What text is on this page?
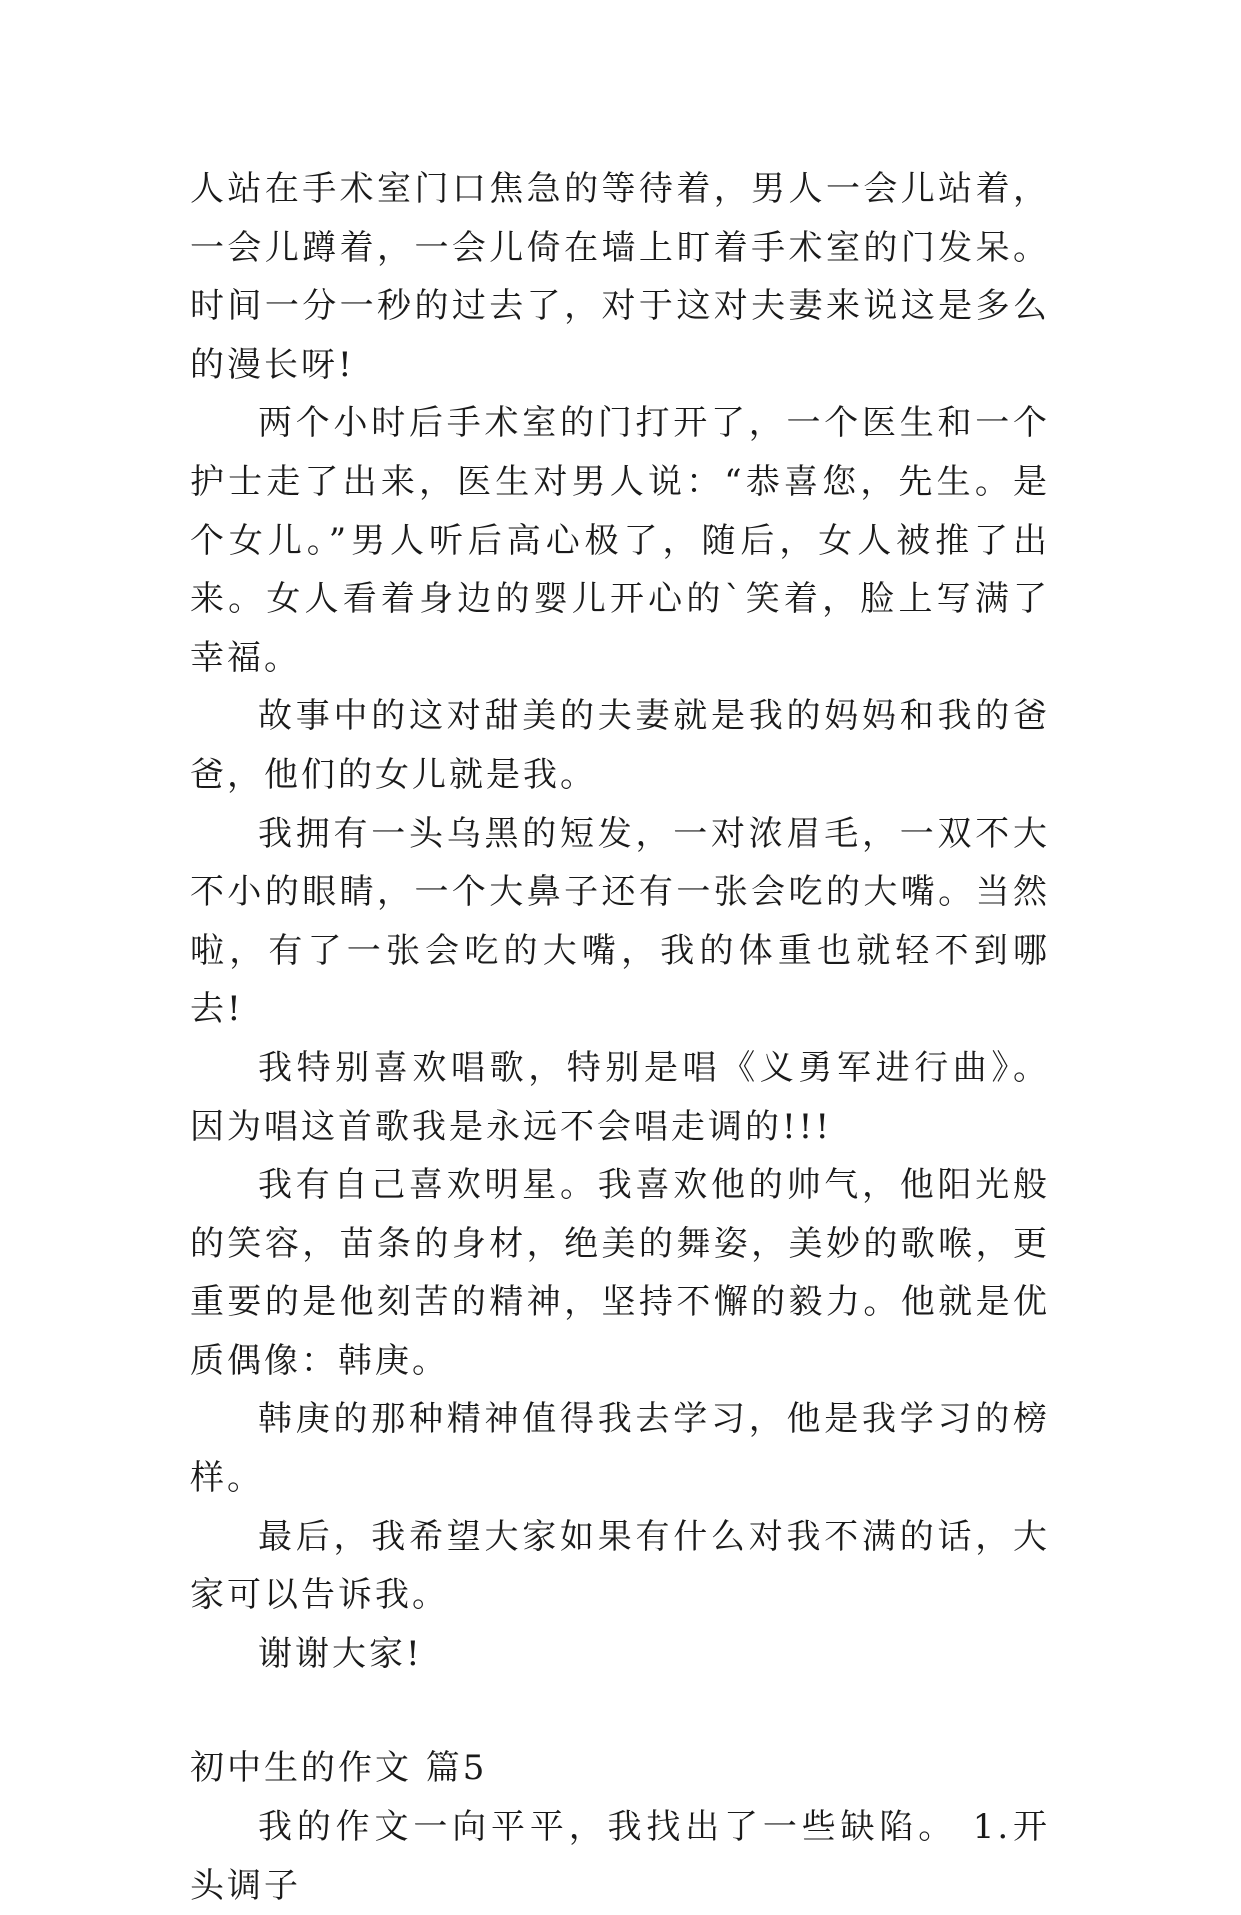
人站在手术室门口焦急的等待着，男人一会儿站着，一会儿蹲着，一会儿倚在墙上盯着手术室的门发呆。时间一分一秒的过去了，对于这对夫妻来说这是多么的漫长呀!

两个小时后手术室的门打开了，一个医生和一个护士走了出来，医生对男人说：“恭喜您，先生。是个女儿。”男人听后高心极了，随后，女人被推了出来。女人看着身边的婴儿开心的`笑着，脸上写满了幸福。

故事中的这对甜美的夫妻就是我的妈妈和我的爸爸，他们的女儿就是我。

我拥有一头乌黑的短发，一对浓眉毛，一双不大不小的眼睛，一个大鼻子还有一张会吃的大嘴。当然啦，有了一张会吃的大嘴，我的体重也就轻不到哪去!

我特别喜欢唱歌，特别是唱《义勇军进行曲》。因为唱这首歌我是永远不会唱走调的!!!

我有自己喜欢明星。我喜欢他的帅气，他阳光般的笑容，苗条的身材，绝美的舞姿，美妙的歌喉，更重要的是他刻苦的精神，坚持不懈的毅力。他就是优质偶像：韩庚。

韩庚的那种精神值得我去学习，他是我学习的榜样。

最后，我希望大家如果有什么对我不满的话，大家可以告诉我。

谢谢大家!

初中生的作文 篇5

我的作文一向平平，我找出了一些缺陷。 1.开头调子
